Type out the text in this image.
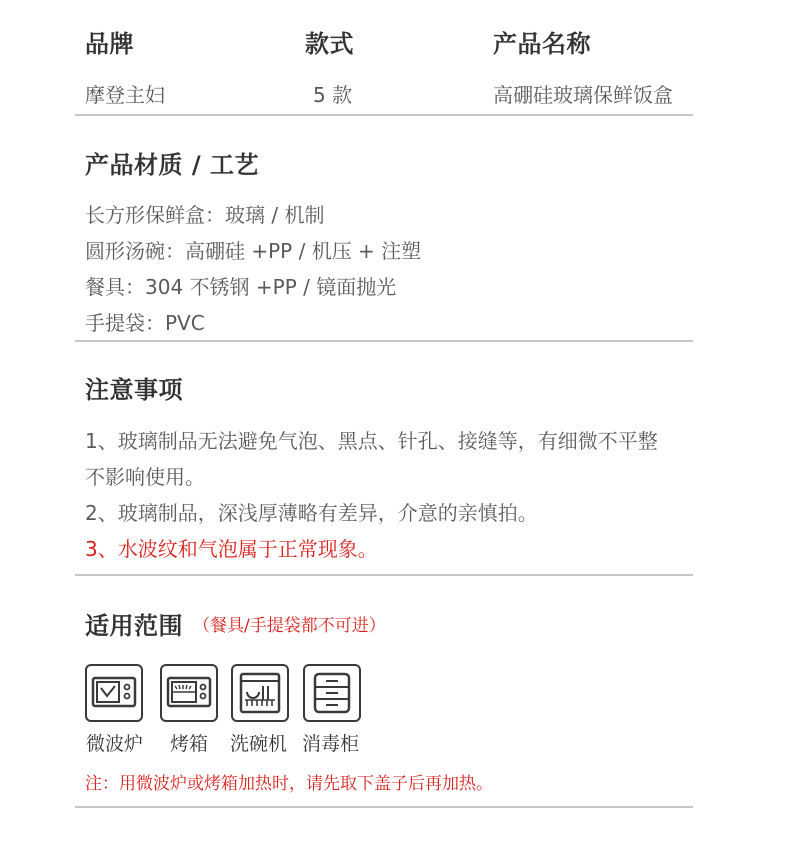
品牌	款式	产品名称
摩登主妇	5 款	高硼硅玻璃保鲜饭盒
产品材质 / 工艺
长方形保鲜盒：玻璃 / 机制
圆形汤碗：高硼硅 +PP / 机压 + 注塑
餐具：304 不锈钢 +PP / 镜面抛光
手提袋：PVC
注意事项
1、玻璃制品无法避免气泡、黑点、针孔、接缝等，有细微不平整
不影响使用。
2、玻璃制品，深浅厚薄略有差异，介意的亲慎拍。
3、水波纹和气泡属于正常现象。
适用范围 （餐具/手提袋都不可进）
微波炉 烤箱 洗碗机 消毒柜
注：用微波炉或烤箱加热时，请先取下盖子后再加热。
